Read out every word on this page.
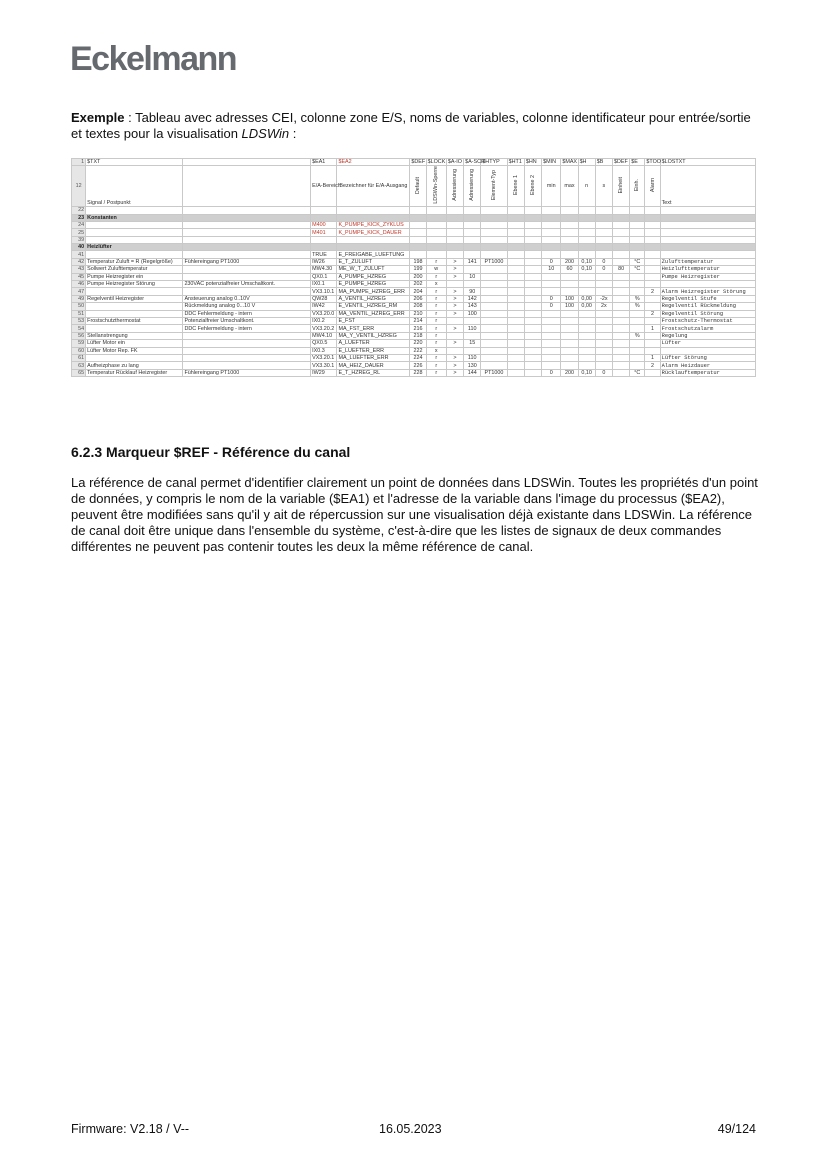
Eckelmann
Exemple : Tableau avec adresses CEI, colonne zone E/S, noms de variables, colonne identificateur pour entrée/sortie et textes pour la visualisation LDSWin :
1	$TXT		$EA1	$EA2	$DEF	$LOCK	$A-IO	$A-SCR	$HTYP	$HT1	$HN	$MIN	$MAX	$H	$B	$DEF	$E	$TOO	$LOSTXT
12	Signal / Postpunkt		E/A-Bereich	Bezeichner für E/A-Ausgang	Default	LDSWin-Sperre	Adressierung	Adressierung	Element-Typ	Ebene 1	Ebene 2	min	max	n	s	Einheit	Einh.	Alarm	Text
22																			
23	Konstanten																		
24			M400	K_PUMPE_KICK_ZYKLUS															
25			M401	K_PUMPE_KICK_DAUER															
39																			
40	Heizlüfter																		
41			TRUE	E_FREIGABE_LUEFTUNG															
42	Temperatur Zuluft = R (Regelgröße)	Fühlereingang PT1000	IW26	E_T_ZULUFT	198	r	>	141	PT1000			0	200	0,10	0		°C		Zulufttemperatur
43	Sollwert Zulufttemperatur		MW4.30	ME_W_T_ZULUFT	199	w	>					10	60	0,10	0	80	°C		Heizlufttemperatur
45	Pumpe Heizregister ein		QX0.1	A_PUMPE_HZREG	200	r	>	10											Pumpe Heizregister
46	Pumpe Heizregister Störung	230VAC potenzialfreier Umschaltkont.	IX0.1	E_PUMPE_HZREG	202	x													
47			VX3.10.1	MA_PUMPE_HZREG_ERR	204	r	>	90										2	Alarm Heizregister Störung
49	Regelventil Heizregister	Ansteuerung analog 0..10V	QW28	A_VENTIL_HZREG	206	r	>	142				0	100	0,00	-2x		%		Regelventil Stufe
50		Rückmeldung analog 0...10 V	IW42	E_VENTIL_HZREG_RM	208	r	>	143				0	100	0,00	2x		%		Regelventil Rückmeldung
51		DDC Fehlermeldung - intern	VX3.20.0	MA_VENTIL_HZREG_ERR	210	r	>	100										2	Regelventil Störung
53	Frostschutzthermostat	Potenzialfreier Umschaltkont.	IX0.2	E_FST	214	r													Frostschutz-Thermostat
54		DDC Fehlermeldung - intern	VX3.20.2	MA_FST_ERR	216	r	>	110										1	Frostschutzalarm
56	Stellanstrengung		MW4.10	MA_Y_VENTIL_HZREG	218	r											%		Regelung
59	Lüfter Motor ein		QX0.5	A_LUEFTER	220	r	>	15											Lüfter
60	Lüfter Motor Rep. FK		IX0.3	E_LUEFTER_ERR	222	x													
61			VX3.20.1	MA_LUEFTER_ERR	224	r	>	110										1	Lüfter Störung
63	Aufheizphase zu lang		VX3.30.1	MA_HEIZ_DAUER	226	r	>	130										2	Alarm Heizdauer
65	Temperatur Rücklauf Heizregister	Fühlereingang PT1000	IW29	E_T_HZREG_RL	228	r	>	144	PT1000			0	200	0,10	0		°C		Rücklauftemperatur
6.2.3 Marqueur $REF - Référence du canal
La référence de canal permet d'identifier clairement un point de données dans LDSWin. Toutes les propriétés d'un point de données, y compris le nom de la variable ($EA1) et l'adresse de la variable dans l'image du processus ($EA2), peuvent être modifiées sans qu'il y ait de répercussion sur une visualisation déjà existante dans LDSWin. La référence de canal doit être unique dans l'ensemble du système, c'est-à-dire que les listes de signaux de deux commandes différentes ne peuvent pas contenir toutes les deux la même référence de canal.
Firmware: V2.18 / V--	16.05.2023	49/124
